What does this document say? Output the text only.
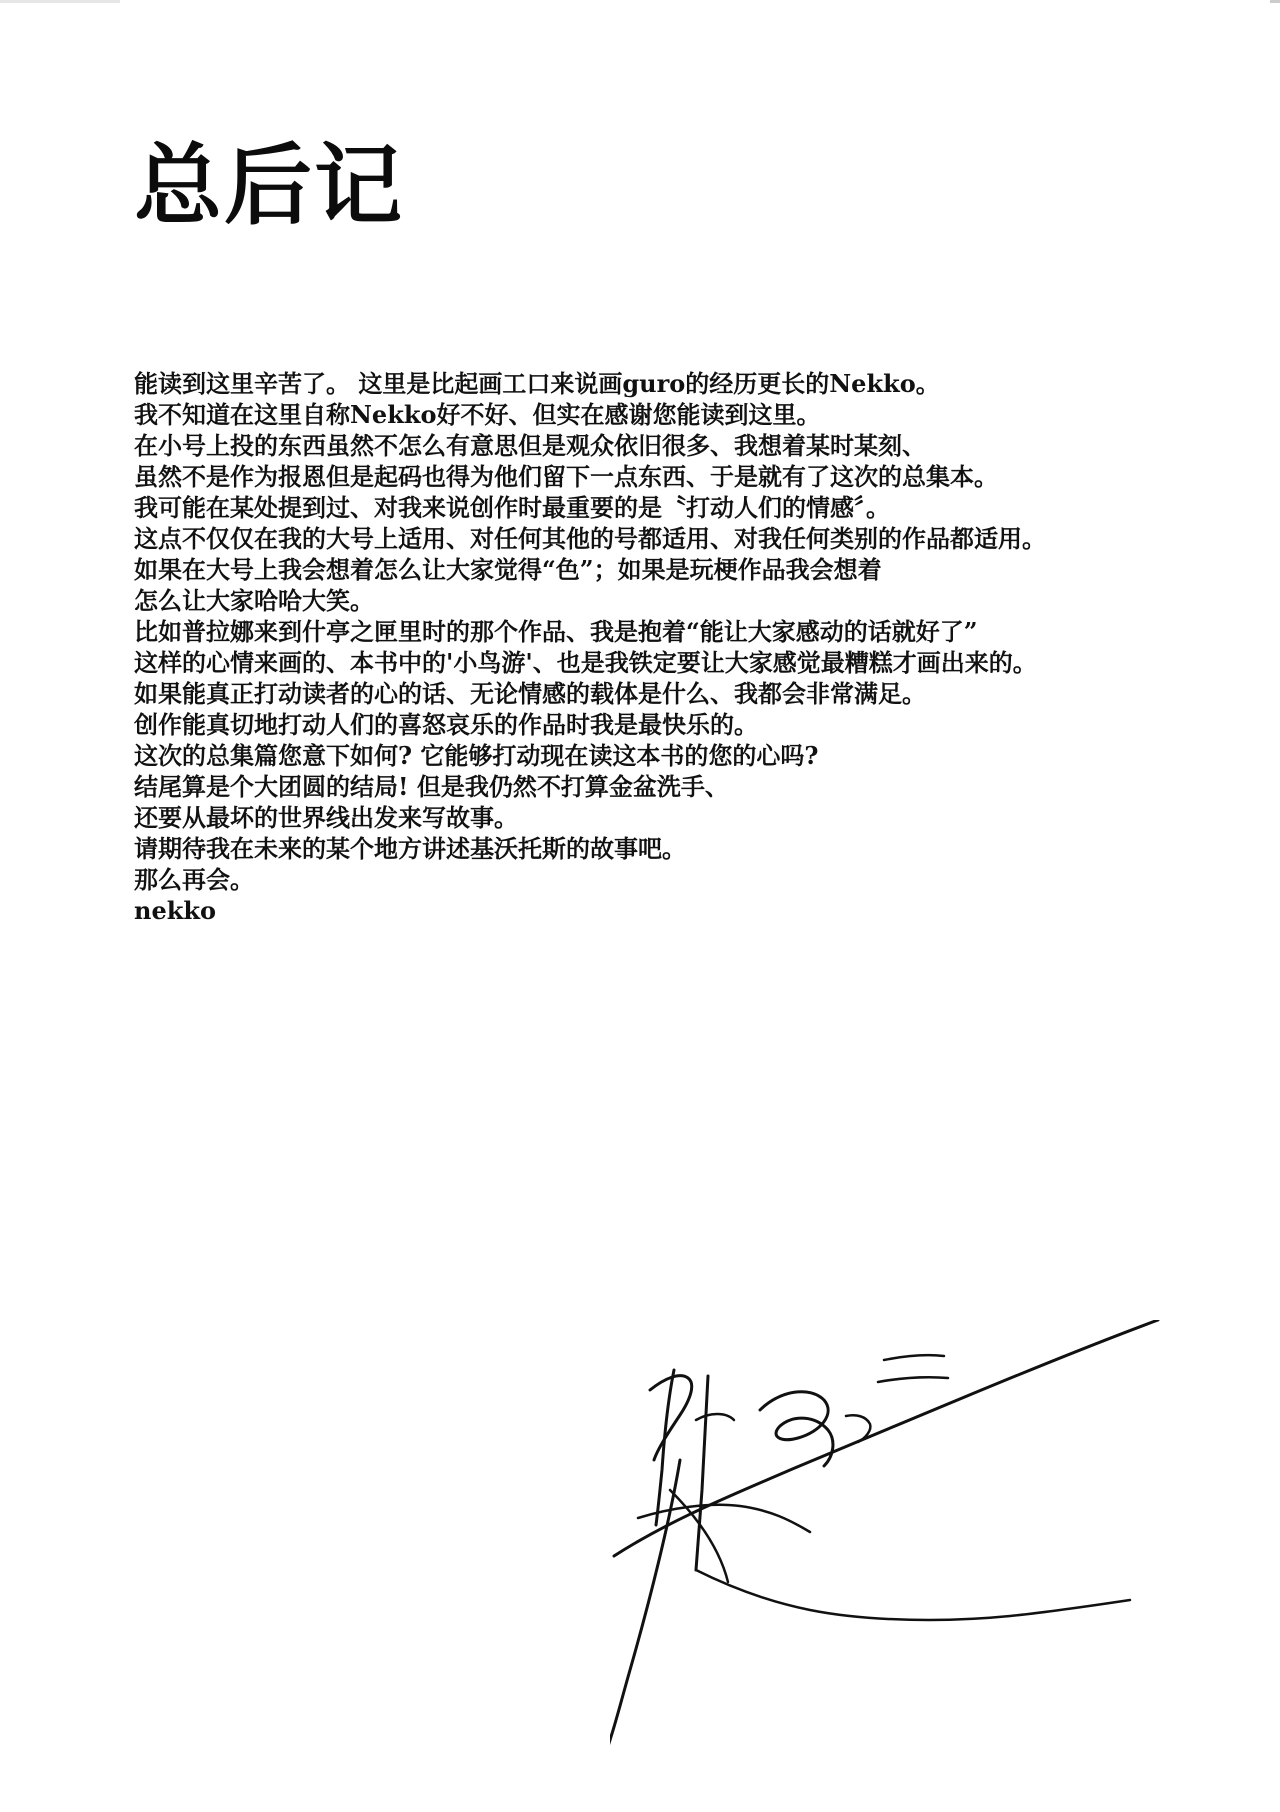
总后记
能读到这里辛苦了。 这里是比起画工口来说画guro的经历更长的Nekko。
我不知道在这里自称Nekko好不好、但实在感谢您能读到这里。
在小号上投的东西虽然不怎么有意思但是观众依旧很多、我想着某时某刻、
虽然不是作为报恩但是起码也得为他们留下一点东西、于是就有了这次的总集本。
我可能在某处提到过、对我来说创作时最重要的是〝打动人们的情感〞。
这点不仅仅在我的大号上适用、对任何其他的号都适用、对我任何类别的作品都适用。
如果在大号上我会想着怎么让大家觉得“色”；如果是玩梗作品我会想着
怎么让大家哈哈大笑。
比如普拉娜来到什亭之匣里时的那个作品、我是抱着“能让大家感动的话就好了”
这样的心情来画的、本书中的'小鸟游'、也是我铁定要让大家感觉最糟糕才画出来的。
如果能真正打动读者的心的话、无论情感的载体是什么、我都会非常满足。
创作能真切地打动人们的喜怒哀乐的作品时我是最快乐的。
这次的总集篇您意下如何? 它能够打动现在读这本书的您的心吗?
结尾算是个大团圆的结局! 但是我仍然不打算金盆洗手、
还要从最坏的世界线出发来写故事。
请期待我在未来的某个地方讲述基沃托斯的故事吧。
那么再会。
nekko
